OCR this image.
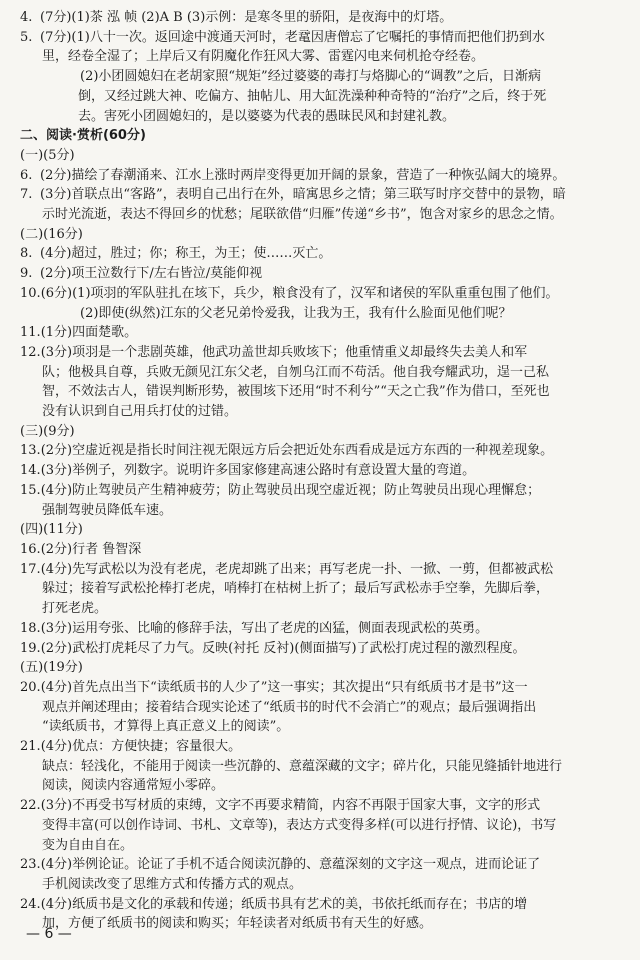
4. (7分)(1)茶 泓 帧 (2)A B (3)示例：是寒冬里的骄阳，是夜海中的灯塔。
5. (7分)(1)八十一次。返回途中渡通天河时，老鼋因唐僧忘了它嘱托的事情而把他们扔到水
里，经卷全湿了；上岸后又有阴魔化作狂风大雾、雷霆闪电来伺机抢夺经卷。
(2)小团圆媳妇在老胡家照“规矩”经过婆婆的毒打与烙脚心的“调教”之后，日渐病
倒，又经过跳大神、吃偏方、抽帖儿、用大缸洗澡种种奇特的“治疗”之后，终于死
去。害死小团圆媳妇的，是以婆婆为代表的愚昧民风和封建礼教。
二、阅读·赏析(60分)
(一)(5分)
6. (2分)描绘了春潮涌来、江水上涨时两岸变得更加开阔的景象，营造了一种恢弘阔大的境界。
7. (3分)首联点出“客路”，表明自己出行在外，暗寓思乡之情；第三联写时序交替中的景物，暗
示时光流逝，表达不得回乡的忧愁；尾联欲借“归雁”传递“乡书”，饱含对家乡的思念之情。
(二)(16分)
8. (4分)超过，胜过；你；称王，为王；使……灭亡。
9. (2分)项王泣数行下/左右皆泣/莫能仰视
10. (6分)(1)项羽的军队驻扎在垓下，兵少，粮食没有了，汉军和诸侯的军队重重包围了他们。
(2)即使(纵然)江东的父老兄弟怜爱我，让我为王，我有什么脸面见他们呢？
11. (1分)四面楚歌。
12. (3分)项羽是一个悲剧英雄，他武功盖世却兵败垓下；他重情重义却最终失去美人和军
队；他极具自尊，兵败无颜见江东父老，自刎乌江而不苟活。他自我夸耀武功，逞一己私
智，不效法古人，错误判断形势，被围垓下还用“时不利兮”“天之亡我”作为借口，至死也
没有认识到自己用兵打仗的过错。
(三)(9分)
13. (2分)空虚近视是指长时间注视无限远方后会把近处东西看成是远方东西的一种视差现象。
14. (3分)举例子，列数字。说明许多国家修建高速公路时有意设置大量的弯道。
15. (4分)防止驾驶员产生精神疲劳；防止驾驶员出现空虚近视；防止驾驶员出现心理懈怠；
强制驾驶员降低车速。
(四)(11分)
16. (2分)行者 鲁智深
17. (4分)先写武松以为没有老虎，老虎却跳了出来；再写老虎一扑、一掀、一剪，但都被武松
躲过；接着写武松抡棒打老虎，哨棒打在枯树上折了；最后写武松赤手空拳，先脚后拳，
打死老虎。
18. (3分)运用夸张、比喻的修辞手法，写出了老虎的凶猛，侧面表现武松的英勇。
19. (2分)武松打虎耗尽了力气。反映(衬托 反衬)(侧面描写)了武松打虎过程的激烈程度。
(五)(19分)
20. (4分)首先点出当下“读纸质书的人少了”这一事实；其次提出“只有纸质书才是书”这一
观点并阐述理由；接着结合现实论述了“纸质书的时代不会消亡”的观点；最后强调指出
“读纸质书，才算得上真正意义上的阅读”。
21. (4分)优点：方便快捷；容量很大。
缺点：轻浅化，不能用于阅读一些沉静的、意蕴深藏的文字；碎片化，只能见缝插针地进行
阅读，阅读内容通常短小零碎。
22. (3分)不再受书写材质的束缚，文字不再要求精简，内容不再限于国家大事，文字的形式
变得丰富(可以创作诗词、书札、文章等)，表达方式变得多样(可以进行抒情、议论)，书写
变为自由自在。
23. (4分)举例论证。论证了手机不适合阅读沉静的、意蕴深刻的文字这一观点，进而论证了
手机阅读改变了思维方式和传播方式的观点。
24. (4分)纸质书是文化的承载和传递；纸质书具有艺术的美，书依托纸而存在；书店的增
加，方便了纸质书的阅读和购买；年轻读者对纸质书有天生的好感。
— 6 —
